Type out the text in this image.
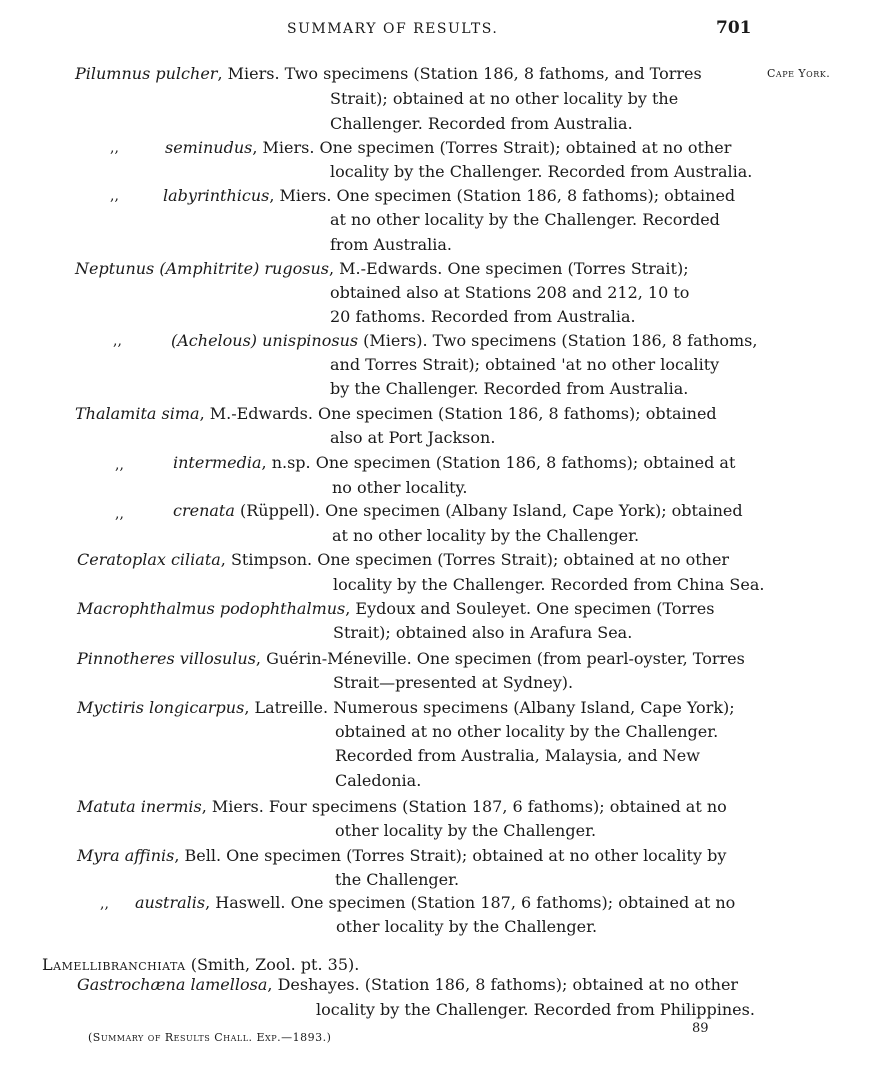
SUMMARY OF RESULTS.	701
Cape York.
Pilumnus pulcher, Miers. Two specimens (Station 186, 8 fathoms, and Torres
Strait); obtained at no other locality by the
Challenger. Recorded from Australia.
,,	seminudus, Miers. One specimen (Torres Strait); obtained at no other
locality by the Challenger. Recorded from Australia.
,,	labyrinthicus, Miers. One specimen (Station 186, 8 fathoms); obtained
at no other locality by the Challenger. Recorded
from Australia.
Neptunus (Amphitrite) rugosus, M.-Edwards. One specimen (Torres Strait);
obtained also at Stations 208 and 212, 10 to
20 fathoms. Recorded from Australia.
,,	(Achelous) unispinosus (Miers). Two specimens (Station 186, 8 fathoms,
and Torres Strait); obtained 'at no other locality
by the Challenger. Recorded from Australia.
Thalamita sima, M.-Edwards. One specimen (Station 186, 8 fathoms); obtained
also at Port Jackson.
,,	intermedia, n.sp. One specimen (Station 186, 8 fathoms); obtained at
no other locality.
,,	crenata (Rüppell). One specimen (Albany Island, Cape York); obtained
at no other locality by the Challenger.
Ceratoplax ciliata, Stimpson. One specimen (Torres Strait); obtained at no other
locality by the Challenger. Recorded from China Sea.
Macrophthalmus podophthalmus, Eydoux and Souleyet. One specimen (Torres
Strait); obtained also in Arafura Sea.
Pinnotheres villosulus, Guérin-Méneville. One specimen (from pearl-oyster, Torres
Strait—presented at Sydney).
Myctiris longicarpus, Latreille. Numerous specimens (Albany Island, Cape York);
obtained at no other locality by the Challenger.
Recorded from Australia, Malaysia, and New
Caledonia.
Matuta inermis, Miers. Four specimens (Station 187, 6 fathoms); obtained at no
other locality by the Challenger.
Myra affinis, Bell. One specimen (Torres Strait); obtained at no other locality by
the Challenger.
,, australis, Haswell. One specimen (Station 187, 6 fathoms); obtained at no
other locality by the Challenger.
Lamellibranchiata (Smith, Zool. pt. 35).
Gastrochæna lamellosa, Deshayes. (Station 186, 8 fathoms); obtained at no other
locality by the Challenger. Recorded from Philippines.
(Summary of Results Chall. Exp.—1893.)
89
